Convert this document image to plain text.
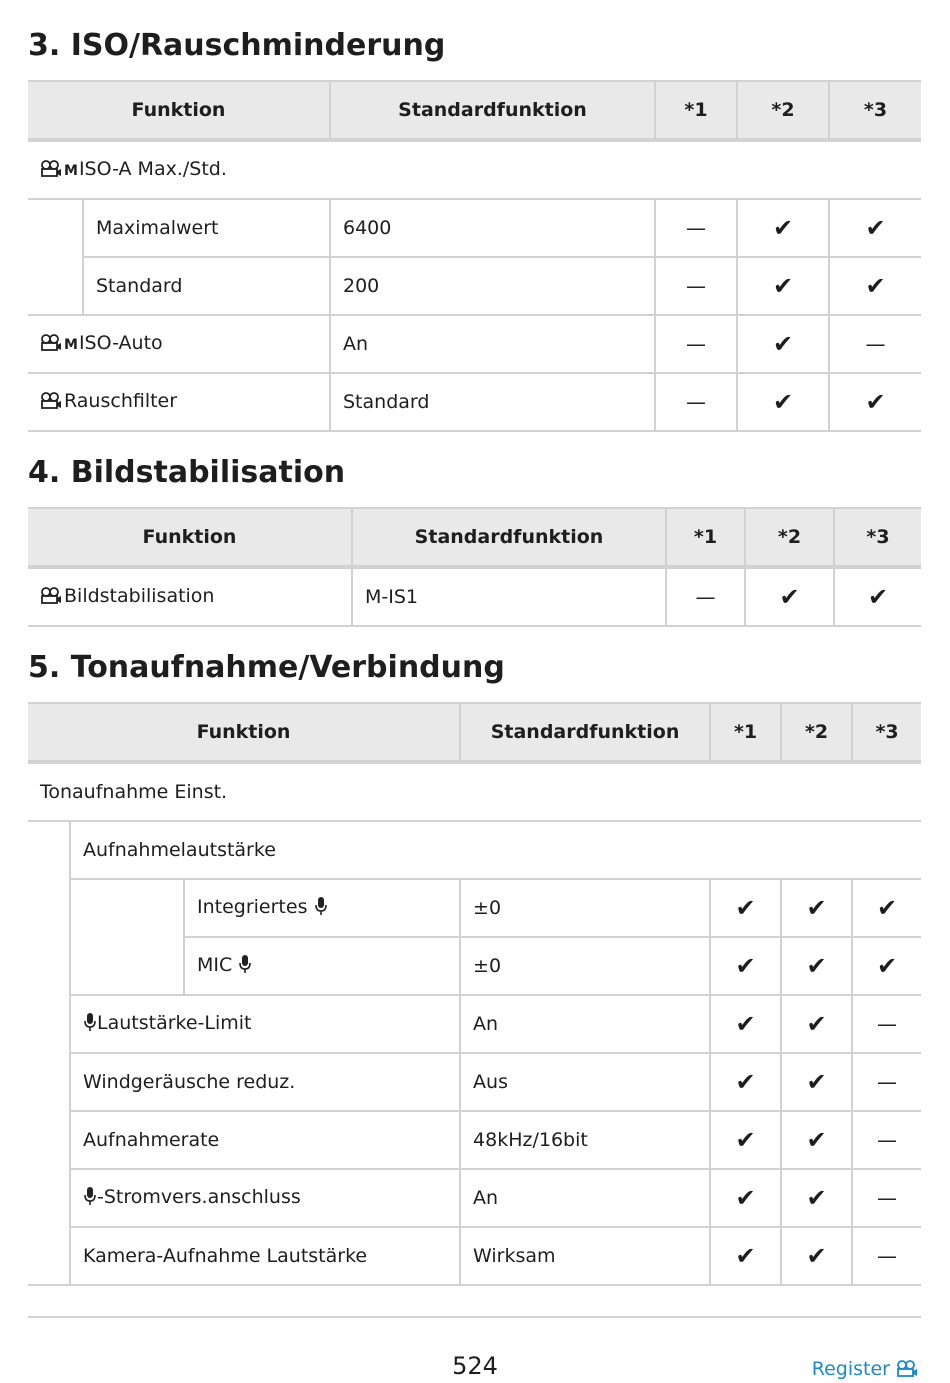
3. ISO/Rauschminderung
Funktion		Standardfunktion	*1	*2	*3
MISO-A Max./Std.					
	Maximalwert	6400	—	✔	✔
	Standard	200	—	✔	✔
MISO-Auto		An	—	✔	—
Rauschfilter		Standard	—	✔	✔
4. Bildstabilisation
Funktion	Standardfunktion	*1	*2	*3
Bildstabilisation	M-IS1	—	✔	✔
5. Tonaufnahme/Verbindung
Funktion			Standardfunktion	*1	*2	*3
Tonaufnahme Einst.						
	Aufnahmelautstärke					
		Integriertes	±0	✔	✔	✔
		MIC	±0	✔	✔	✔
	Lautstärke-Limit		An	✔	✔	—
	Windgeräusche reduz.		Aus	✔	✔	—
	Aufnahmerate		48kHz/16bit	✔	✔	—
	-Stromvers.anschluss		An	✔	✔	—
	Kamera-Aufnahme Lautstärke		Wirksam	✔	✔	—
524	Register
